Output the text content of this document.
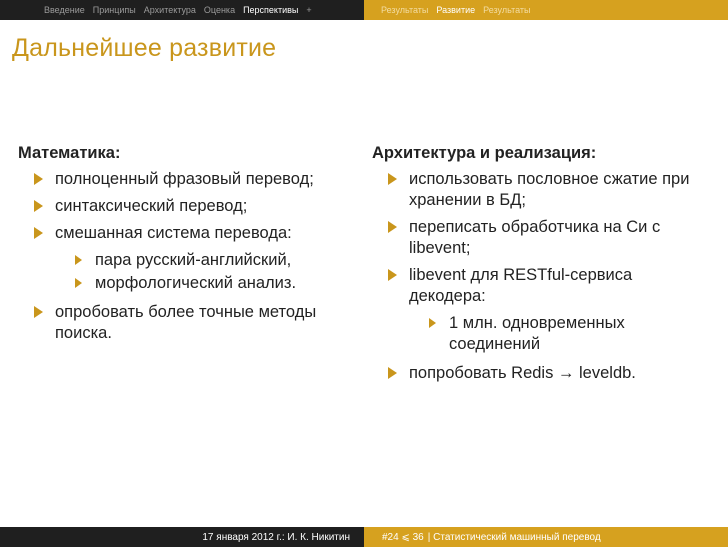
Введение Принципы Архитектура Оценка Перспективы +	Результаты Развитие Результаты
Дальнейшее развитие
Математика:
полноценный фразовый перевод;
синтаксический перевод;
смешанная система перевода:
пара русский-английский,
морфологический анализ.
опробовать более точные методы поиска.
Архитектура и реализация:
использовать пословное сжатие при хранении в БД;
переписать обработчика на Си с libevent;
libevent для RESTful-сервиса декодера:
1 млн. одновременных соединений
попробовать Redis → leveldb.
17 января 2012 г.: И. К. Никитин	#24 ⩽ 36 | Статистический машинный перевод
